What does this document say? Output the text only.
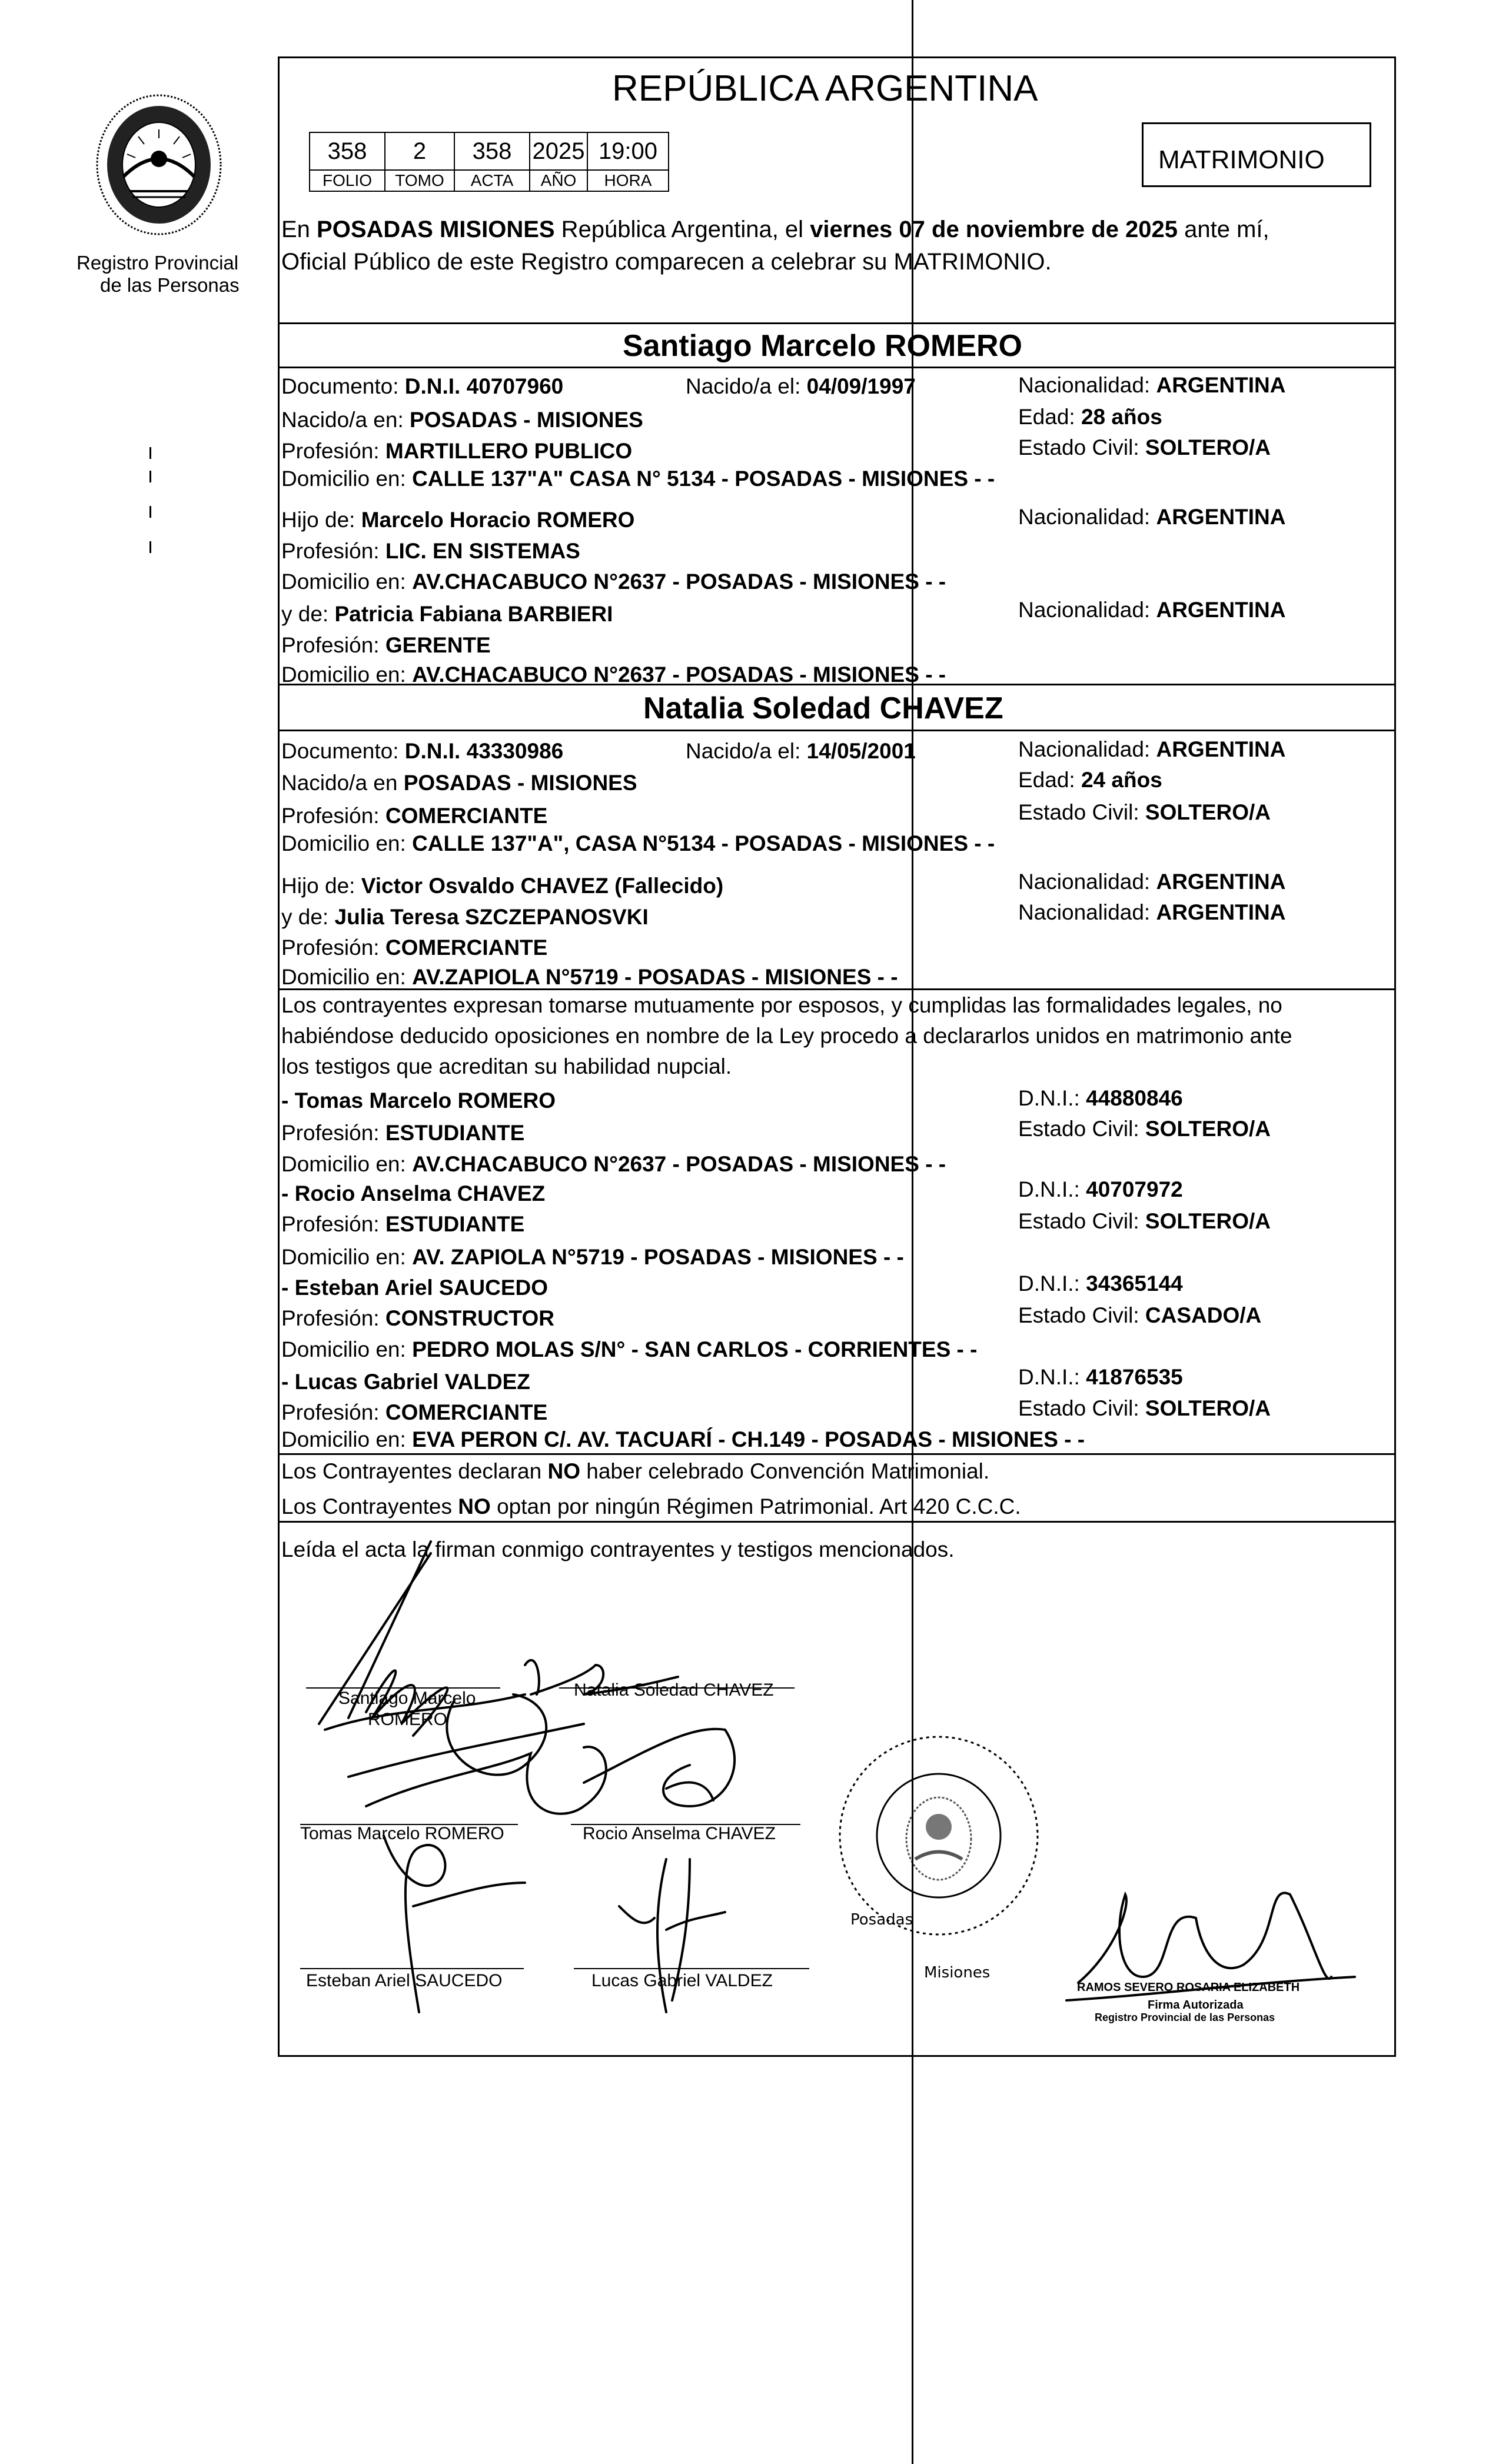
Registro Provincial
de las Personas
REPÚBLICA ARGENTINA
MATRIMONIO
358	2	358	2025	19:00
FOLIO	TOMO	ACTA	AÑO	HORA
En POSADAS MISIONES República Argentina, el viernes 07 de noviembre de 2025 ante mí,
Oficial Público de este Registro comparecen a celebrar su MATRIMONIO.
Santiago Marcelo ROMERO
Documento: D.N.I. 40707960	Nacido/a el: 04/09/1997	Nacionalidad: ARGENTINA
Nacido/a en: POSADAS - MISIONES	Edad: 28 años
Profesión: MARTILLERO PUBLICO	Estado Civil: SOLTERO/A
Domicilio en: CALLE 137"A" CASA N° 5134 - POSADAS - MISIONES - -
Hijo de: Marcelo Horacio ROMERO	Nacionalidad: ARGENTINA
Profesión: LIC. EN SISTEMAS
Domicilio en: AV.CHACABUCO N°2637 - POSADAS - MISIONES - -
y de: Patricia Fabiana BARBIERI	Nacionalidad: ARGENTINA
Profesión: GERENTE
Domicilio en: AV.CHACABUCO N°2637 - POSADAS - MISIONES - -
Natalia Soledad CHAVEZ
Documento: D.N.I. 43330986	Nacido/a el: 14/05/2001	Nacionalidad: ARGENTINA
Nacido/a en POSADAS - MISIONES	Edad: 24 años
Profesión: COMERCIANTE	Estado Civil: SOLTERO/A
Domicilio en: CALLE 137"A", CASA N°5134 - POSADAS - MISIONES - -
Hijo de: Victor Osvaldo CHAVEZ (Fallecido)	Nacionalidad: ARGENTINA
y de: Julia Teresa SZCZEPANOSVKI	Nacionalidad: ARGENTINA
Profesión: COMERCIANTE
Domicilio en: AV.ZAPIOLA N°5719 - POSADAS - MISIONES - -
Los contrayentes expresan tomarse mutuamente por esposos, y cumplidas las formalidades legales, no
habiéndose deducido oposiciones en nombre de la Ley procedo a declararlos unidos en matrimonio ante
los testigos que acreditan su habilidad nupcial.
- Tomas Marcelo ROMERO	D.N.I.: 44880846
Profesión: ESTUDIANTE	Estado Civil: SOLTERO/A
Domicilio en: AV.CHACABUCO N°2637 - POSADAS - MISIONES - -
- Rocio Anselma CHAVEZ	D.N.I.: 40707972
Profesión: ESTUDIANTE	Estado Civil: SOLTERO/A
Domicilio en: AV. ZAPIOLA N°5719 - POSADAS - MISIONES - -
- Esteban Ariel SAUCEDO	D.N.I.: 34365144
Profesión: CONSTRUCTOR	Estado Civil: CASADO/A
Domicilio en: PEDRO MOLAS S/N° - SAN CARLOS - CORRIENTES - -
- Lucas Gabriel VALDEZ	D.N.I.: 41876535
Profesión: COMERCIANTE	Estado Civil: SOLTERO/A
Domicilio en: EVA PERON C/. AV. TACUARÍ - CH.149 - POSADAS - MISIONES - -
Los Contrayentes declaran NO haber celebrado Convención Matrimonial.
Los Contrayentes NO optan por ningún Régimen Patrimonial. Art 420 C.C.C.
Leída el acta la firman conmigo contrayentes y testigos mencionados.
Santiago Marcelo
ROMERO
Natalia Soledad CHAVEZ
Tomas Marcelo ROMERO	Rocio Anselma CHAVEZ
Esteban Ariel SAUCEDO	Lucas Gabriel VALDEZ	RAMOS SEVERO ROSARIA ELIZABETH
Firma Autorizada
Registro Provincial de las Personas
Posadas
Misiones
